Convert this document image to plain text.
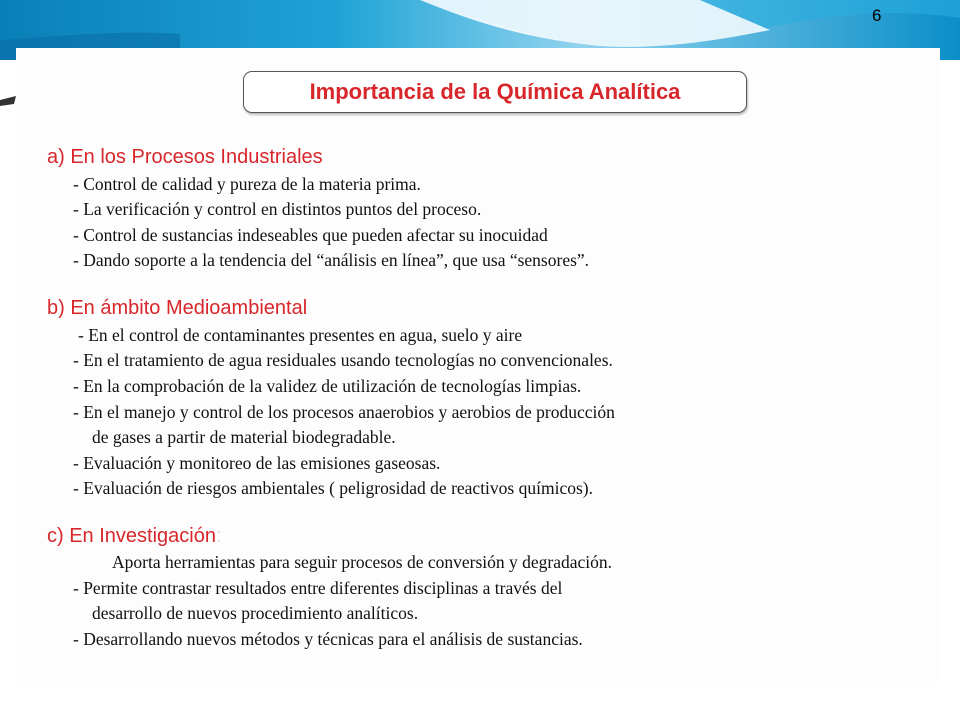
6
Importancia de la Química Analítica
a) En los Procesos Industriales
- Control de calidad y pureza de la materia prima.
- La verificación y control en distintos puntos del proceso.
- Control de sustancias indeseables que pueden afectar su inocuidad
- Dando soporte a la tendencia del “análisis en línea”, que usa “sensores”.
b) En ámbito Medioambiental
- En el control de contaminantes presentes en agua, suelo y aire
- En el tratamiento de agua residuales usando tecnologías no convencionales.
- En la comprobación de la validez de utilización de tecnologías limpias.
- En el manejo y control de los procesos anaerobios y aerobios de producción
de gases a partir de material biodegradable.
- Evaluación y monitoreo de las emisiones gaseosas.
- Evaluación de riesgos ambientales ( peligrosidad de reactivos químicos).
c) En Investigación:
Aporta herramientas para seguir procesos de conversión y degradación.
- Permite contrastar resultados entre diferentes disciplinas a través del
desarrollo de nuevos procedimiento analíticos.
- Desarrollando nuevos métodos y técnicas para el análisis de sustancias.
